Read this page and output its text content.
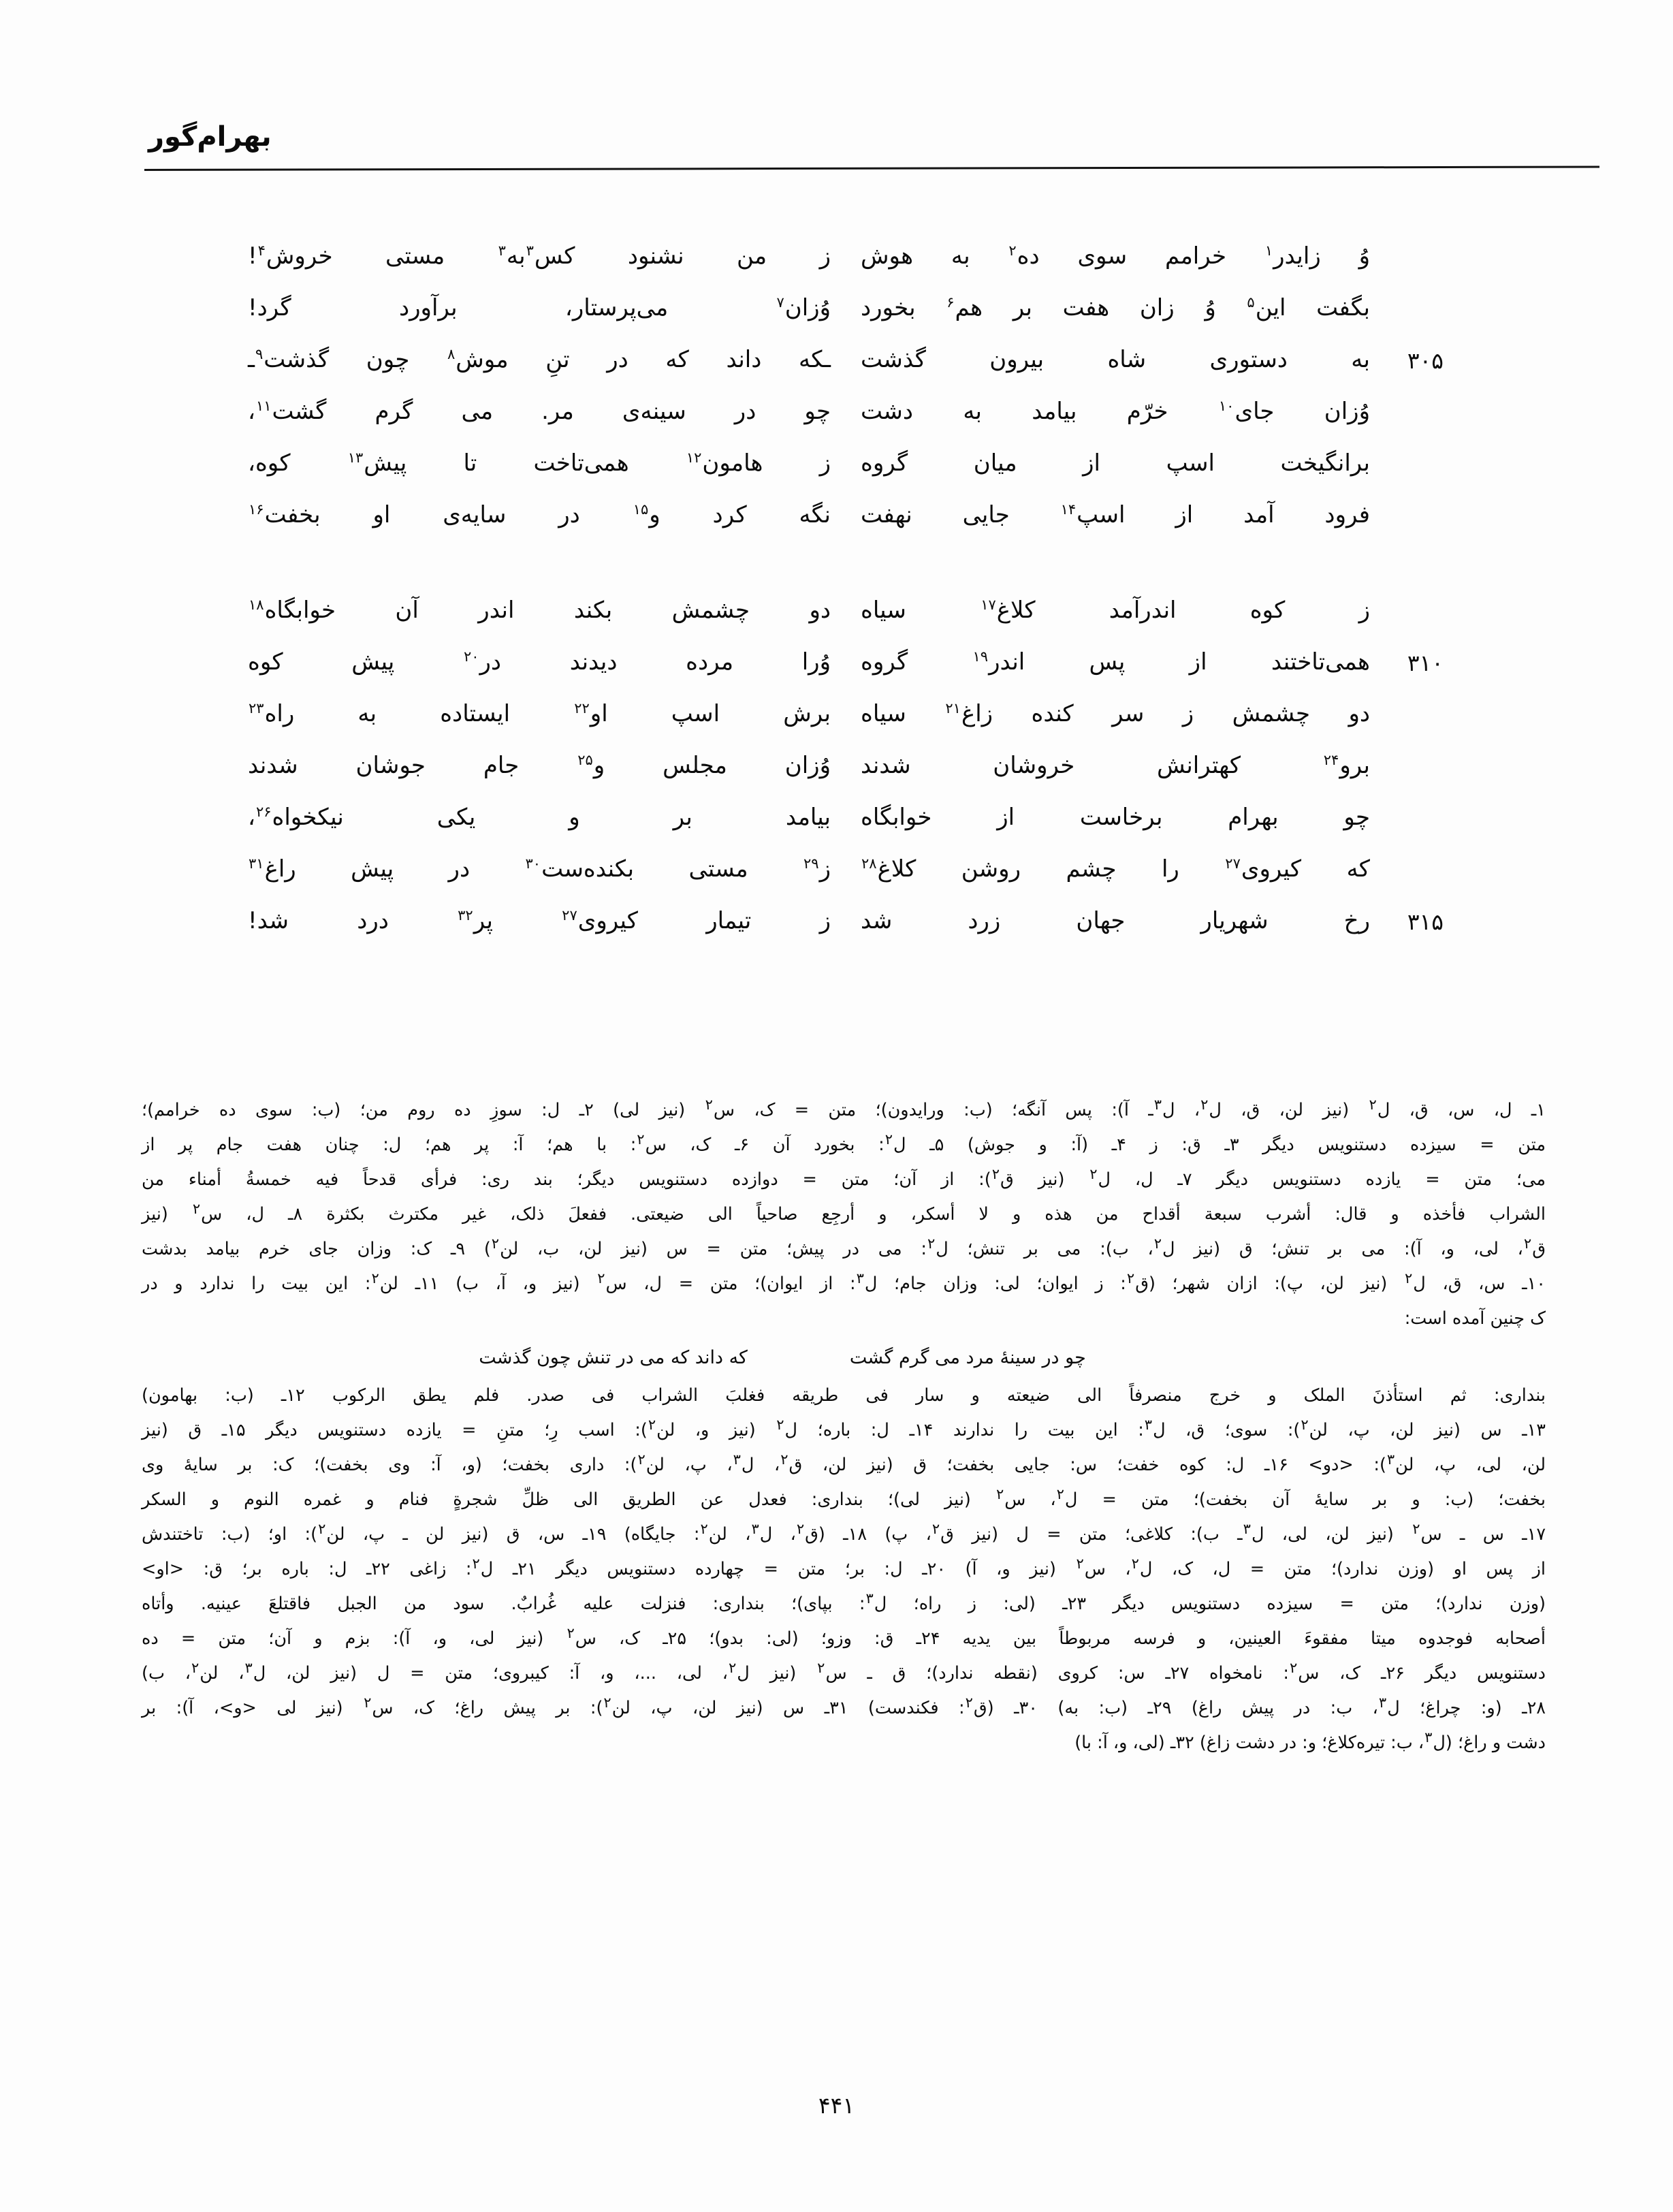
بهرام‌گور
وُ زایدر$^۱$ خرامم سوی ده$^۲$ به هوش
ز من نشنود کس$^۳$به$^۳$ مستی خروش$^۴$!
بگفت این$^۵$ وُ زان هفت بر هم$^۶$ بخورد
وُزان$^۷$ می‌پرستار، برآورد گرد!
۳۰۵
به دستوری شاه بیرون گذشت
ـکه داند که در تنِ موش$^۸$ چون گذشت$^۹$ـ
وُزان جای$^{۱۰}$ خرّم بیامد به دشت
چو در سینه‌ی مر. می گرم گشت$^{۱۱}$،
برانگیخت اسپ از میان گروه
ز هامون$^{۱۲}$ همی‌تاخت تا پیش$^{۱۳}$ کوه،
فرود آمد از اسپ$^{۱۴}$ جایی نهفت
نگه کرد و$^{۱۵}$ در سایه‌ی او بخفت$^{۱۶}$
ز کوه اندرآمد کلاغ$^{۱۷}$ سیاه
دو چشمش بکند اندر آن خوابگاه$^{۱۸}$
۳۱۰
همی‌تاختند از پس اندر$^{۱۹}$ گروه
وُرا مرده دیدند در$^{۲۰}$ پیش کوه
دو چشمش ز سر کنده زاغ$^{۲۱}$ سیاه
برش اسپ او$^{۲۲}$ ایستاده به راه$^{۲۳}$
برو$^{۲۴}$ کهترانش خروشان شدند
وُزان مجلس و$^{۲۵}$ جام جوشان شدند
چو بهرام برخاست از خوابگاه
بیامد بر و یکی نیکخواه$^{۲۶}$،
که کیروی$^{۲۷}$ را چشم روشن کلاغ$^{۲۸}$
ز$^{۲۹}$ مستی بکنده‌ست$^{۳۰}$ در پیش راغ$^{۳۱}$
۳۱۵
رخ شهریار جهان زرد شد
ز تیمار کیروی$^{۲۷}$ پر$^{۳۲}$ درد شد!
۱ـ ل، س، ق، ل$^۲$ (نیز لن، ق، ل$^۲$، ل$^۳$ـ آ): پس آنگه؛ (ب: ورایدون)؛ متن = ک، س$^۲$ (نیز لی) ۲ـ ل: سوزِ ده روم من؛ (ب: سوی ده خرامم)؛
متن = سیزده دستنویس دیگر ۳ـ ق: ز ۴ـ (آ: و جوش) ۵ـ ل$^۲$: بخورد آن ۶ـ ک، س$^۲$: با هم؛ آ: پر هم؛ ل: چنان هفت جام پر از
می؛ متن = یازده دستنویس دیگر ۷ـ ل، ل$^۲$ (نیز ق$^۲$): از آن؛ متن = دوازده دستنویس دیگر؛ بند ری: فرأی قدحاً فیه خمسةُ أمناء من
الشراب فأخذه و قال: أشرب سبعة أقداح من هذه و لا أسکر، و أرجِع صاحیاً الی ضیعتی. ففعلَ ذلک، غیر مکترث بکثرة ۸ـ ل، س$^۲$ (نیز
ق$^۲$، لی، و، آ): می بر تنش؛ ق (نیز ل$^۲$، ب): می بر تنش؛ ل$^۲$: می در پیش؛ متن = س (نیز لن، ب، لن$^۲$) ۹ـ ک: وزان جای خرم بیامد بدشت
۱۰ـ س، ق، ل$^۲$ (نیز لن، پ): ازان شهر؛ (ق$^۲$: ز ایوان؛ لی: وزان جام؛ ل$^۳$: از ایوان)؛ متن = ل، س$^۲$ (نیز و، آ، ب) ۱۱ـ لن$^۲$: این بیت را ندارد و در
ک چنین آمده است:
چو در سینهٔ مرد می گرم گشت
که داند که می در تنش چون گذشت
بنداری: ثم استأذنَ الملک و خرج منصرفاً الی ضیعته و سار فی طریقه فغلبَ الشراب فی صدر. فلم یطق الرکوب ۱۲ـ (ب: بهامون)
۱۳ـ س (نیز لن، پ، لن$^۲$): سوی؛ ق، ل$^۳$: این بیت را ندارند ۱۴ـ ل: باره؛ ل$^۲$ (نیز و، لن$^۲$): اسب رِ؛ متنِ = یازده دستنویس دیگر ۱۵ـ ق (نیز
لن، لی، پ، لن$^۳$): <دو> ۱۶ـ ل: کوه خفت؛ س: جایی بخفت؛ ق (نیز لن، ق$^۲$، ل$^۳$، پ، لن$^۲$): داری بخفت؛ (و، آ: وی بخفت)؛ ک: بر سایهٔ وی
بخفت؛ (ب: و بر سایهٔ آن بخفت)؛ متن = ل$^۲$، س$^۲$ (نیز لی)؛ بنداری: فعدل عن الطریق الی ظلِّ شجرةٍ فنام و غمره النوم و السکر
۱۷ـ س ـ س$^۲$ (نیز لن، لی، ل$^۳$ـ ب): کلاغی؛ متن = ل (نیز ق$^۲$، پ) ۱۸ـ (ق$^۲$، ل$^۳$، لن$^۲$: جایگاه) ۱۹ـ س، ق (نیز لن ـ پ، لن$^۲$): او؛ (ب: تاختندش
از پس او (وزن ندارد)؛ متن = ل، ک، ل$^۲$، س$^۲$ (نیز و، آ) ۲۰ـ ل: بر؛ متن = چهارده دستنویس دیگر ۲۱ـ ل$^۲$: زاغی ۲۲ـ ل: باره بر؛ ق: <او>
(وزن ندارد)؛ متن = سیزده دستنویس دیگر ۲۳ـ (لی: ز راه؛ ل$^۳$: بپای)؛ بنداری: فنزلت علیه غُرابٌ. سود من الجبل فاقتلعَ عینیه. وأتاه
أصحابه فوجدوه میتا مفقوءَ العینین، و فرسه مربوطاً بین یدیه ۲۴ـ ق: وزو؛ (لی: بدو)؛ ۲۵ـ ک، س$^۲$ (نیز لی، و، آ): بزم و آن؛ متن = ده
دستنویس دیگر ۲۶ـ ک، س$^۲$: نامخواه ۲۷ـ س: کروی (نقطه ندارد)؛ ق ـ س$^۲$ (نیز ل$^۲$، لی، ...، و، آ: کیبروی؛ متن = ل (نیز لن، ل$^۳$، لن$^۲$، ب)
۲۸ـ (و: چراغ؛ ل$^۳$، ب: در پیش راغ) ۲۹ـ (ب: به) ۳۰ـ (ق$^۲$: فکندست) ۳۱ـ س (نیز لن، پ، لن$^۲$): بر پیش راغ؛ ک، س$^۲$ (نیز لی <و>، آ): بر
دشت و راغ؛ (ل$^۳$، ب: تیره‌کلاغ؛ و: در دشت زاغ) ۳۲ـ (لی، و، آ: با)
۴۴۱
